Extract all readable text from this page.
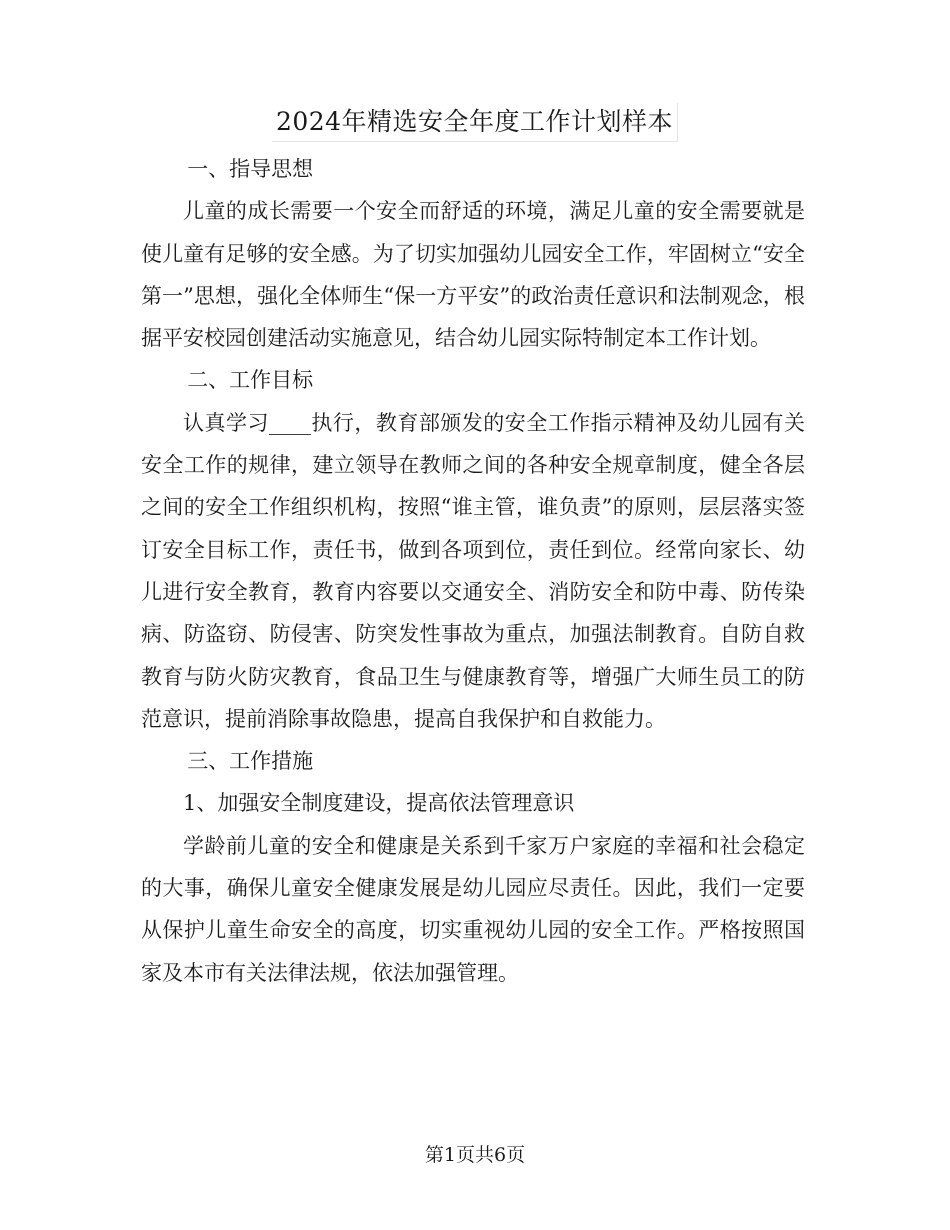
2024年精选安全年度工作计划样本

一、指导思想

儿童的成长需要一个安全而舒适的环境，满足儿童的安全需要就是使儿童有足够的安全感。为了切实加强幼儿园安全工作，牢固树立“安全第一”思想，强化全体师生“保一方平安”的政治责任意识和法制观念，根据平安校园创建活动实施意见，结合幼儿园实际特制定本工作计划。

二、工作目标

认真学习____执行，教育部颁发的安全工作指示精神及幼儿园有关安全工作的规律，建立领导在教师之间的各种安全规章制度，健全各层之间的安全工作组织机构，按照“谁主管，谁负责”的原则，层层落实签订安全目标工作，责任书，做到各项到位，责任到位。经常向家长、幼儿进行安全教育，教育内容要以交通安全、消防安全和防中毒、防传染病、防盗窃、防侵害、防突发性事故为重点，加强法制教育。自防自救教育与防火防灾教育，食品卫生与健康教育等，增强广大师生员工的防范意识，提前消除事故隐患，提高自我保护和自救能力。

三、工作措施

1、加强安全制度建设，提高依法管理意识

学龄前儿童的安全和健康是关系到千家万户家庭的幸福和社会稳定的大事，确保儿童安全健康发展是幼儿园应尽责任。因此，我们一定要从保护儿童生命安全的高度，切实重视幼儿园的安全工作。严格按照国家及本市有关法律法规，依法加强管理。

第1页共6页
